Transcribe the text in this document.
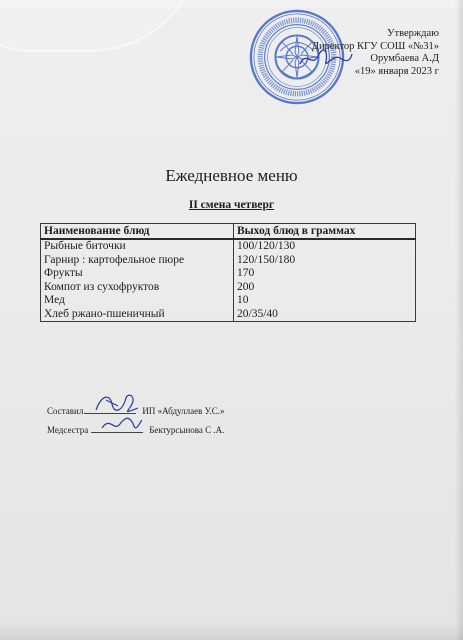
Утверждаю
Директор КГУ СОШ «№31»
Орумбаева А.Д
«19» января 2023 г
Ежедневное меню
II смена четверг
Наименование блюд	Выход блюд в граммах
Рыбные биточки	100/120/130
Гарнир : картофельное пюре	120/150/180
Фрукты	170
Компот из сухофруктов	200
Мед	10
Хлеб ржано-пшеничный	20/35/40
Составил	ИП «Абдуллаев У.С.»
Медсестра	Бектурсынова С .А.
